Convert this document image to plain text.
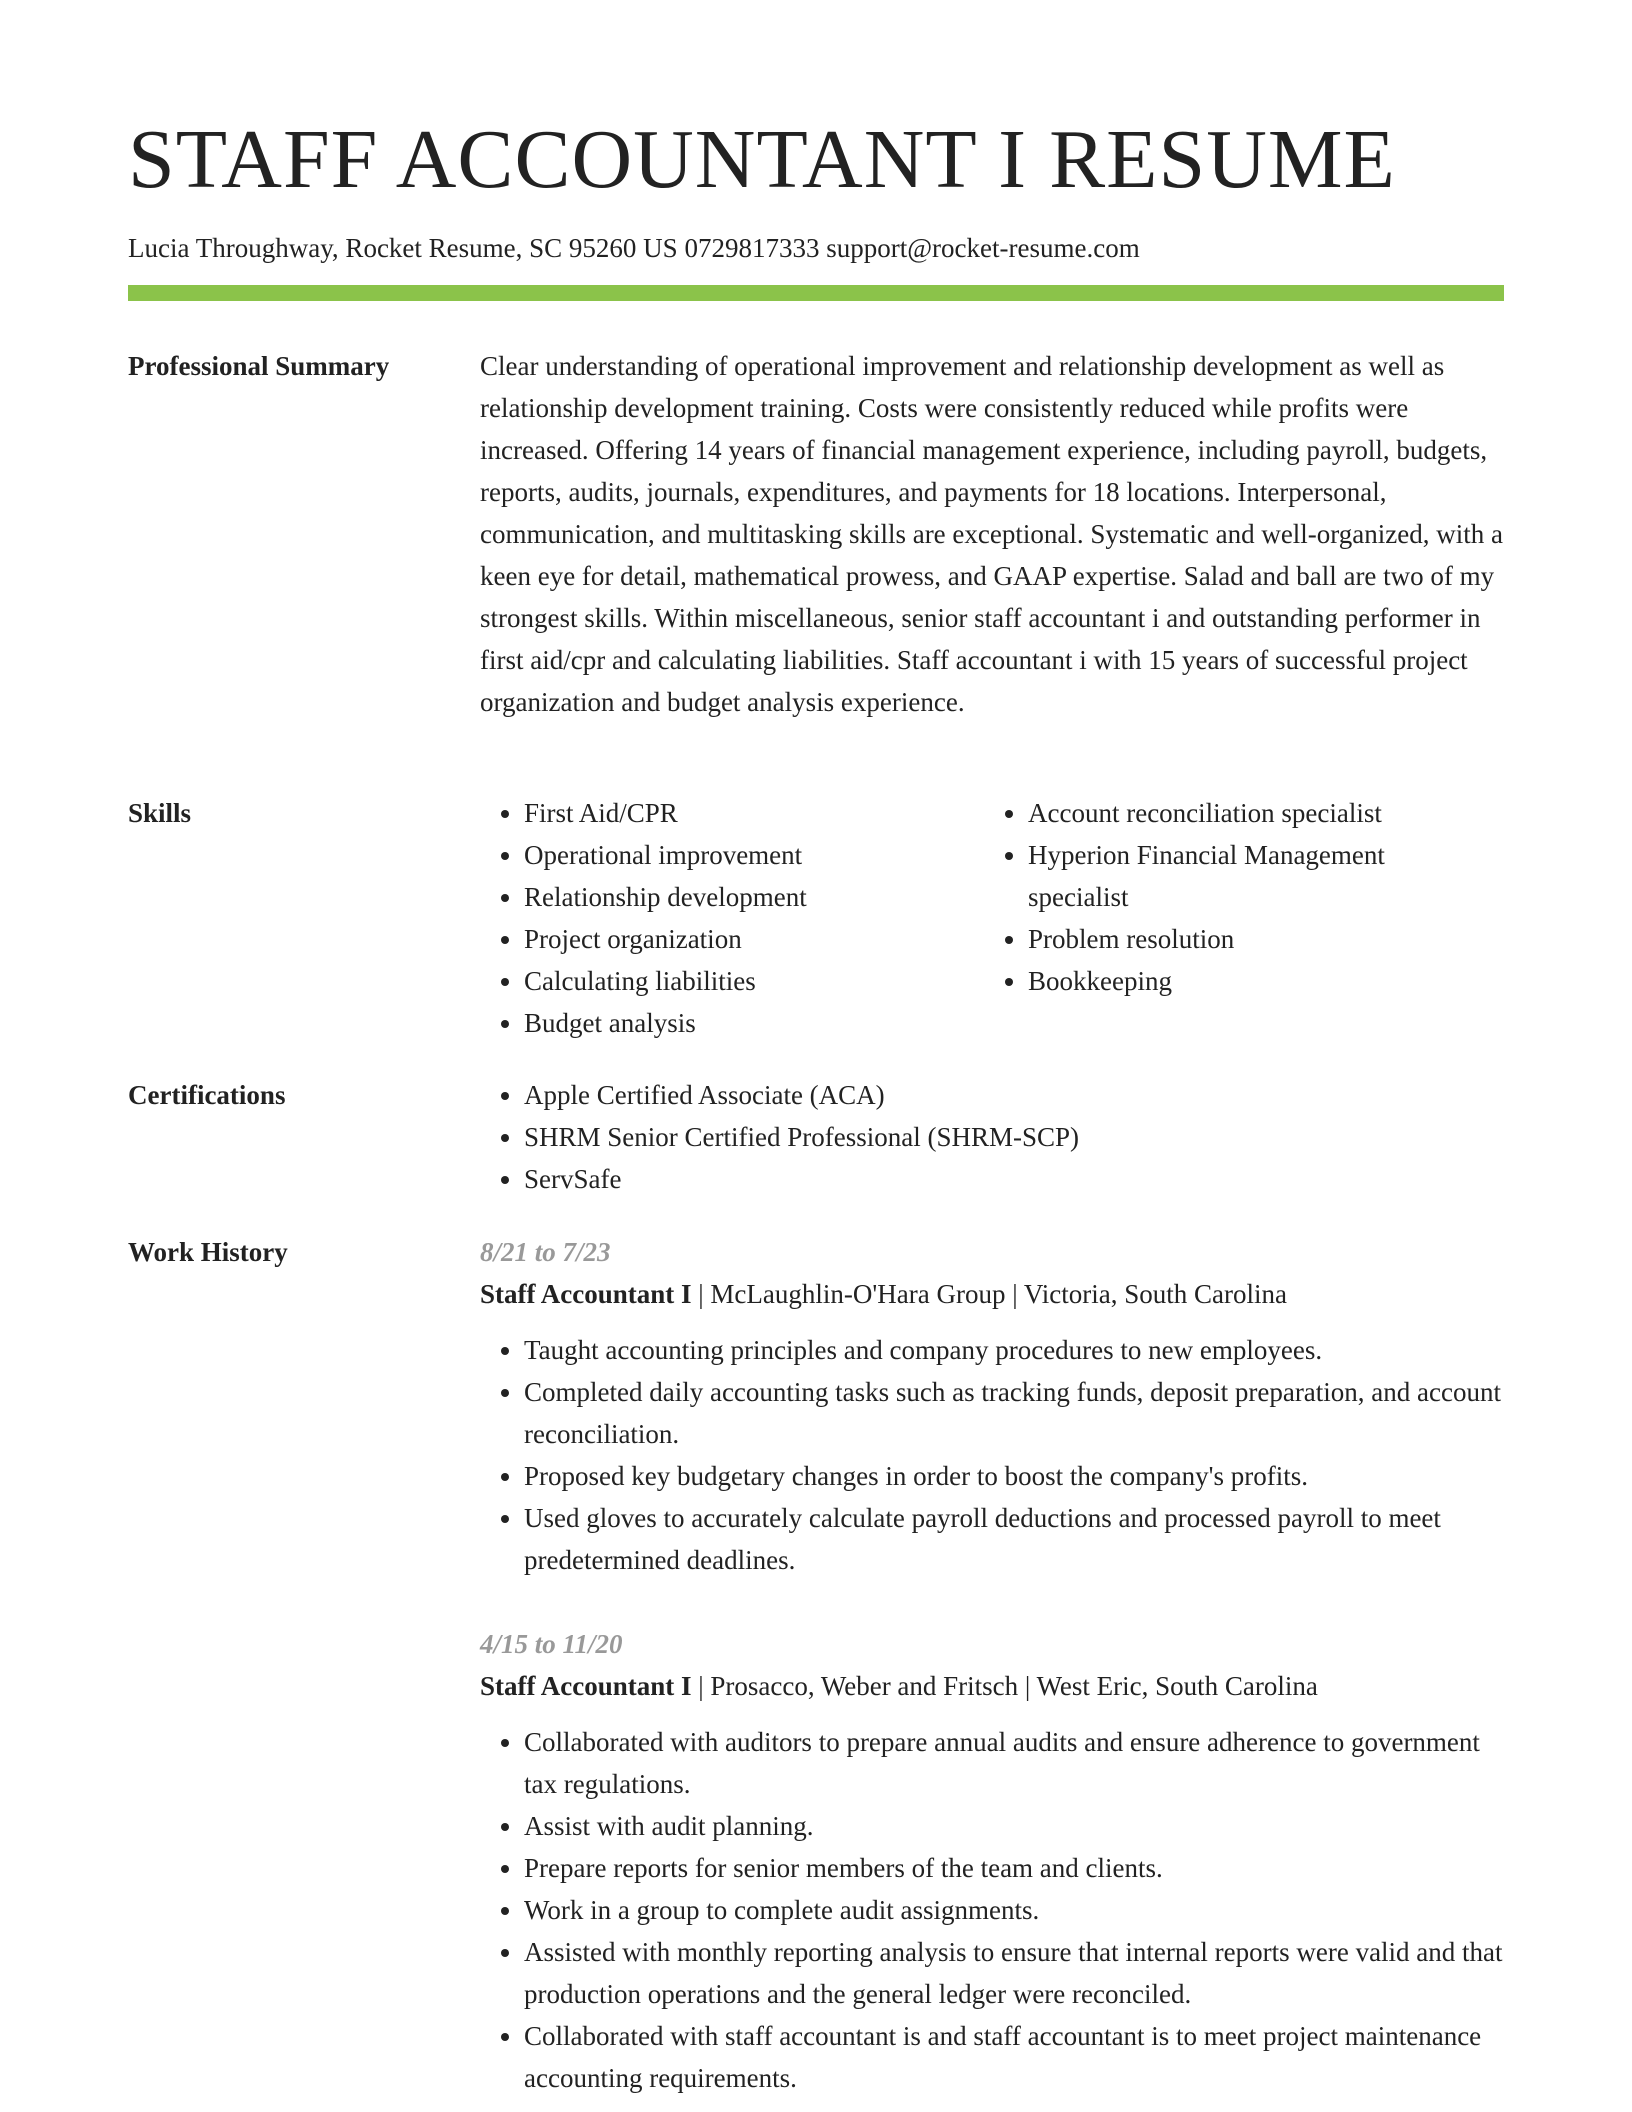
STAFF ACCOUNTANT I RESUME
Lucia Throughway, Rocket Resume, SC 95260 US 0729817333 support@rocket-resume.com
Professional Summary	Clear understanding of operational improvement and relationship development as well as relationship development training. Costs were consistently reduced while profits were increased. Offering 14 years of financial management experience, including payroll, budgets, reports, audits, journals, expenditures, and payments for 18 locations. Interpersonal, communication, and multitasking skills are exceptional. Systematic and well-organized, with a keen eye for detail, mathematical prowess, and GAAP expertise. Salad and ball are two of my strongest skills. Within miscellaneous, senior staff accountant i and outstanding performer in first aid/cpr and calculating liabilities. Staff accountant i with 15 years of successful project organization and budget analysis experience.

Skills	• First Aid/CPR
• Operational improvement
• Relationship development
• Project organization
• Calculating liabilities
• Budget analysis
• Account reconciliation specialist
• Hyperion Financial Management specialist
• Problem resolution
• Bookkeeping
Certifications	• Apple Certified Associate (ACA)
• SHRM Senior Certified Professional (SHRM-SCP)
• ServSafe
Work History	8/21 to 7/23
Staff Accountant I | McLaughlin-O'Hara Group | Victoria, South Carolina
• Taught accounting principles and company procedures to new employees.
• Completed daily accounting tasks such as tracking funds, deposit preparation, and account reconciliation.
• Proposed key budgetary changes in order to boost the company's profits.
• Used gloves to accurately calculate payroll deductions and processed payroll to meet predetermined deadlines.
4/15 to 11/20
Staff Accountant I | Prosacco, Weber and Fritsch | West Eric, South Carolina
• Collaborated with auditors to prepare annual audits and ensure adherence to government tax regulations.
• Assist with audit planning.
• Prepare reports for senior members of the team and clients.
• Work in a group to complete audit assignments.
• Assisted with monthly reporting analysis to ensure that internal reports were valid and that production operations and the general ledger were reconciled.
• Collaborated with staff accountant is and staff accountant is to meet project maintenance accounting requirements.
